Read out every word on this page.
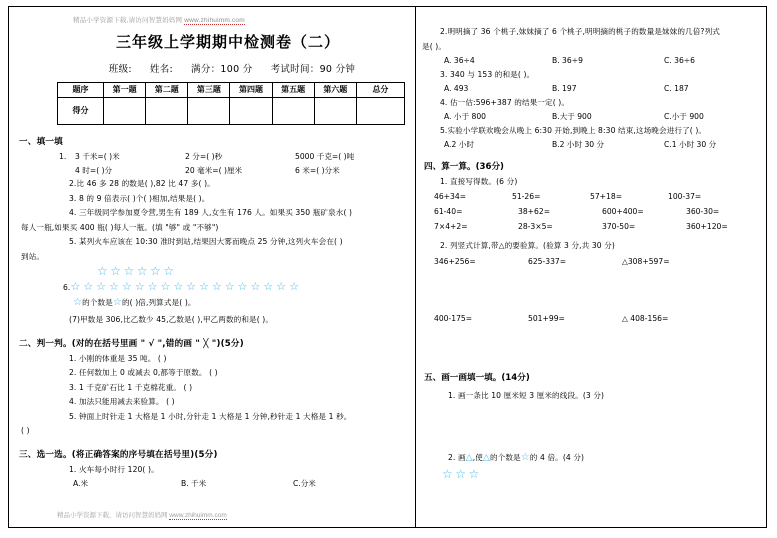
精品小学资源下载,请访问智慧妈妈网 www.zhihuimm.com
三年级上学期期中检测卷（二）
班级: 姓名: 满分：100 分 考试时间：90 分钟
题序	第一题	第二题	第三题	第四题	第五题	第六题	总分
得分							
一、填一填
1.	3 千米=( )米	2 分=( )秒	5000 千克=( )吨
4 时=( )分	20 毫米=( )厘米	6 米=( )分米
2.比 46 多 28 的数是( ),82 比 47 多( )。
3. 8 的 9 倍表示( )个( )相加,结果是( )。
4. 三年级同学参加夏令营,男生有 189 人,女生有 176 人。如果买 350 瓶矿泉水( )
每人一瓶,如果买 400 瓶( )每人一瓶。(填 "够" 或 "不够")
5. 某列火车应该在 10:30 准时到站,结果因大雾而晚点 25 分钟,这列火车会在( )
到站。
☆☆☆☆☆☆
6.☆☆☆☆☆☆☆☆☆☆☆☆☆☆☆☆☆☆
☆的个数是☆的( )倍,列算式是( )。
(7)甲数是 306,比乙数少 45,乙数是( ),甲乙两数的和是( )。
二、判一判。(对的在括号里画 " √ ",错的画 " ╳ ")(5分)
1. 小刚的体重是 35 吨。 ( )
2. 任何数加上 0 或减去 0,都等于原数。 ( )
3. 1 千克矿石比 1 千克棉花重。 ( )
4. 加法只能用减去来验算。 ( )
5. 钟面上时针走 1 大格是 1 小时,分针走 1 大格是 1 分钟,秒针走 1 大格是 1 秒。
( )
三、选一选。(将正确答案的序号填在括号里)(5分)
1. 火车每小时行 120( )。
A.米	B. 千米	C.分米
精品小学资源下载，请访问智慧妈妈网 www.zhihuimm.com
2.明明摘了 36 个桃子,妹妹摘了 6 个桃子,明明摘的桃子的数量是妹妹的几倍?列式
是( )。
A. 36÷4	B. 36÷9	C. 36÷6
3. 340 与 153 的和是( )。
A. 493	B. 197	C. 187
4. 估一估:596+387 的结果一定( )。
A. 小于 800	B.大于 900	C.小于 900
5.实验小学联欢晚会从晚上 6:30 开始,到晚上 8:30 结束,这场晚会进行了( )。
A.2 小时	B.2 小时 30 分	C.1 小时 30 分
四、算一算。(36分)
1. 直接写得数。(6 分)
46+34=	51-26=	57+18=	100-37=
61-40=	38+62=	600+400=	360-30=
7×4+2=	28-3×5=	370-50=	360+120=
2. 列竖式计算,带△的要验算。(验算 3 分,共 30 分)
346+256=	625-337=	△308+597=
400-175=	501+99=	△ 408-156=
五、画一画填一填。(14分)
1. 画一条比 10 厘米短 3 厘米的线段。(3 分)
2. 画△,使△的个数是☆的 4 倍。(4 分)
☆☆☆
